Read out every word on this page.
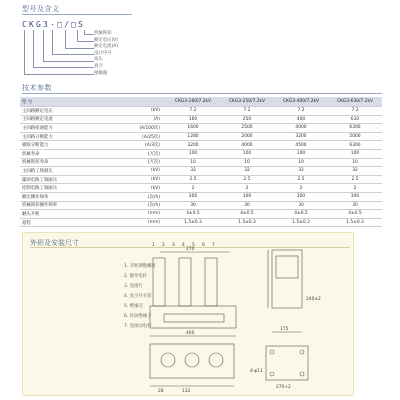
型号及含义
CKG3-□/□S
机械锁扣
额定电压(V)
额定电流(A)
设计序号
高压
真空
接触器
技术参数
型 号		CKG3-160/7.2kV	CKG3-250/7.2kV	CKG3-400/7.2kV	CKG3-630/7.2kV
主回路额定电压	(kV)	7.2	7.2	7.2	7.2
主回路额定电流	(A)	160	250	400	630
主回路接通能力	(A/100次)	1600	2500	4000	6300
主回路分断能力	(A/25次)	1280	2000	3200	5000
极限分断能力	(A/3次)	3200	4000	4500	6300
机械寿命	(万次)	100	100	100	100
机械锁扣寿命	(万次)	10	10	10	10
主回路工频耐压	(kV)	32	32	32	32
辅助电路工频耐压	(kV)	2.5	2.5	2.5	2.5
控制电路工频耐压	(kV)	2	2	2	2
额定操作频率	(次/h)	300	300	300	300
机械锁扣操作频率	(次/h)	30	30	30	30
触头开距	(mm)	4±0.5	4±0.5	4±0.5	4±0.5
超程	(mm)	1.5±0.3	1.5±0.3	1.5±0.3	1.5±0.3
外形及安装尺寸	1 2 3 4 5 6 7
460
270
175
132
28
4-φ11
270+2
240±2
1. 开距调整螺母
2. 静导电杆
3. 连接片
4. 真空开关管
5. 绝缘壳
6. 传动绝缘子
7. 连接动电杆
